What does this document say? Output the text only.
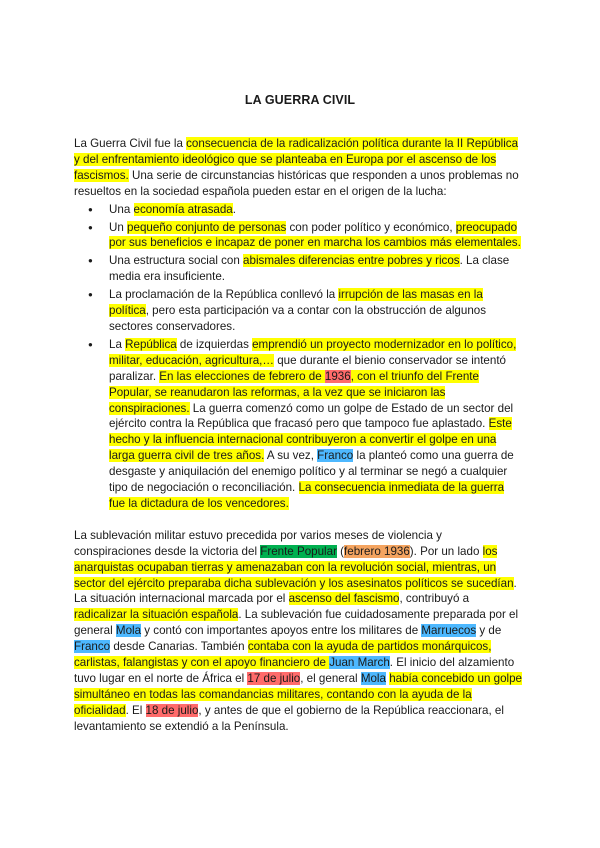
LA GUERRA CIVIL

La Guerra Civil fue la consecuencia de la radicalización política durante la II República y del enfrentamiento ideológico que se planteaba en Europa por el ascenso de los fascismos. Una serie de circunstancias históricas que responden a unos problemas no resueltos en la sociedad española pueden estar en el origen de la lucha:

● Una economía atrasada.
● Un pequeño conjunto de personas con poder político y económico, preocupado por sus beneficios e incapaz de poner en marcha los cambios más elementales.
● Una estructura social con abismales diferencias entre pobres y ricos. La clase media era insuficiente.
● La proclamación de la República conllevó la irrupción de las masas en la política, pero esta participación va a contar con la obstrucción de algunos sectores conservadores.
● La República de izquierdas emprendió un proyecto modernizador en lo político, militar, educación, agricultura,… que durante el bienio conservador se intentó paralizar. En las elecciones de febrero de 1936, con el triunfo del Frente Popular, se reanudaron las reformas, a la vez que se iniciaron las conspiraciones. La guerra comenzó como un golpe de Estado de un sector del ejército contra la República que fracasó pero que tampoco fue aplastado. Este hecho y la influencia internacional contribuyeron a convertir el golpe en una larga guerra civil de tres años. A su vez, Franco la planteó como una guerra de desgaste y aniquilación del enemigo político y al terminar se negó a cualquier tipo de negociación o reconciliación. La consecuencia inmediata de la guerra fue la dictadura de los vencedores.

La sublevación militar estuvo precedida por varios meses de violencia y conspiraciones desde la victoria del Frente Popular (febrero 1936). Por un lado los anarquistas ocupaban tierras y amenazaban con la revolución social, mientras, un sector del ejército preparaba dicha sublevación y los asesinatos políticos se sucedían. La situación internacional marcada por el ascenso del fascismo, contribuyó a radicalizar la situación española. La sublevación fue cuidadosamente preparada por el general Mola y contó con importantes apoyos entre los militares de Marruecos y de Franco desde Canarias. También contaba con la ayuda de partidos monárquicos, carlistas, falangistas y con el apoyo financiero de Juan March. El inicio del alzamiento tuvo lugar en el norte de África el 17 de julio, el general Mola había concebido un golpe simultáneo en todas las comandancias militares, contando con la ayuda de la oficialidad. El 18 de julio, y antes de que el gobierno de la República reaccionara, el levantamiento se extendió a la Península.
